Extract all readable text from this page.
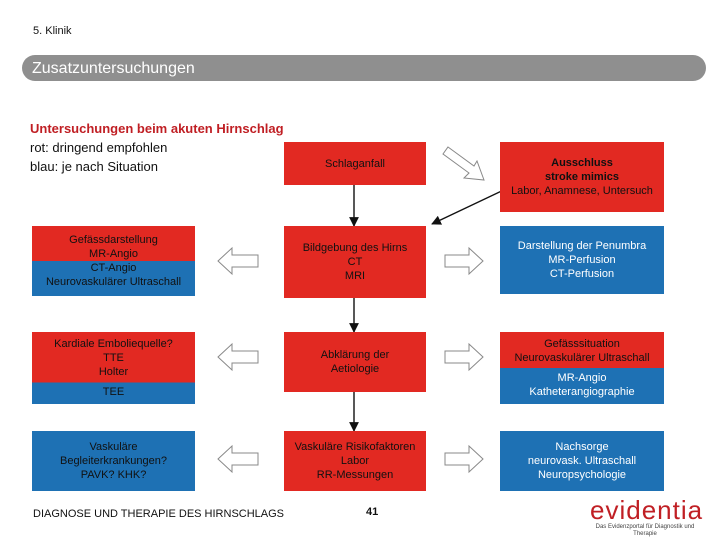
5. Klinik
Zusatzuntersuchungen
Untersuchungen beim akuten Hirnschlag
rot: dringend empfohlen
blau: je nach Situation	Schlaganfall	Ausschluss
stroke mimics
Labor, Anamnese, Untersuch
Gefässdarstellung
MR-Angio
CT-Angio
Neurovaskulärer Ultraschall
Bildgebung des Hirns
CT
MRI
Darstellung der Penumbra
MR-Perfusion
CT-Perfusion
Kardiale Emboliequelle?
TTE
Holter
TEE
Abklärung der
Aetiologie
Gefässsituation
Neurovaskulärer Ultraschall
MR-Angio
Katheterangiographie
Vaskuläre
Begleiterkrankungen?
PAVK? KHK?
Vaskuläre Risikofaktoren
Labor
RR-Messungen
Nachsorge
neurovask. Ultraschall
Neuropsychologie
DIAGNOSE UND THERAPIE DES HIRNSCHLAGS	41	evidentia
Das Evidenzportal für Diagnostik und Therapie
